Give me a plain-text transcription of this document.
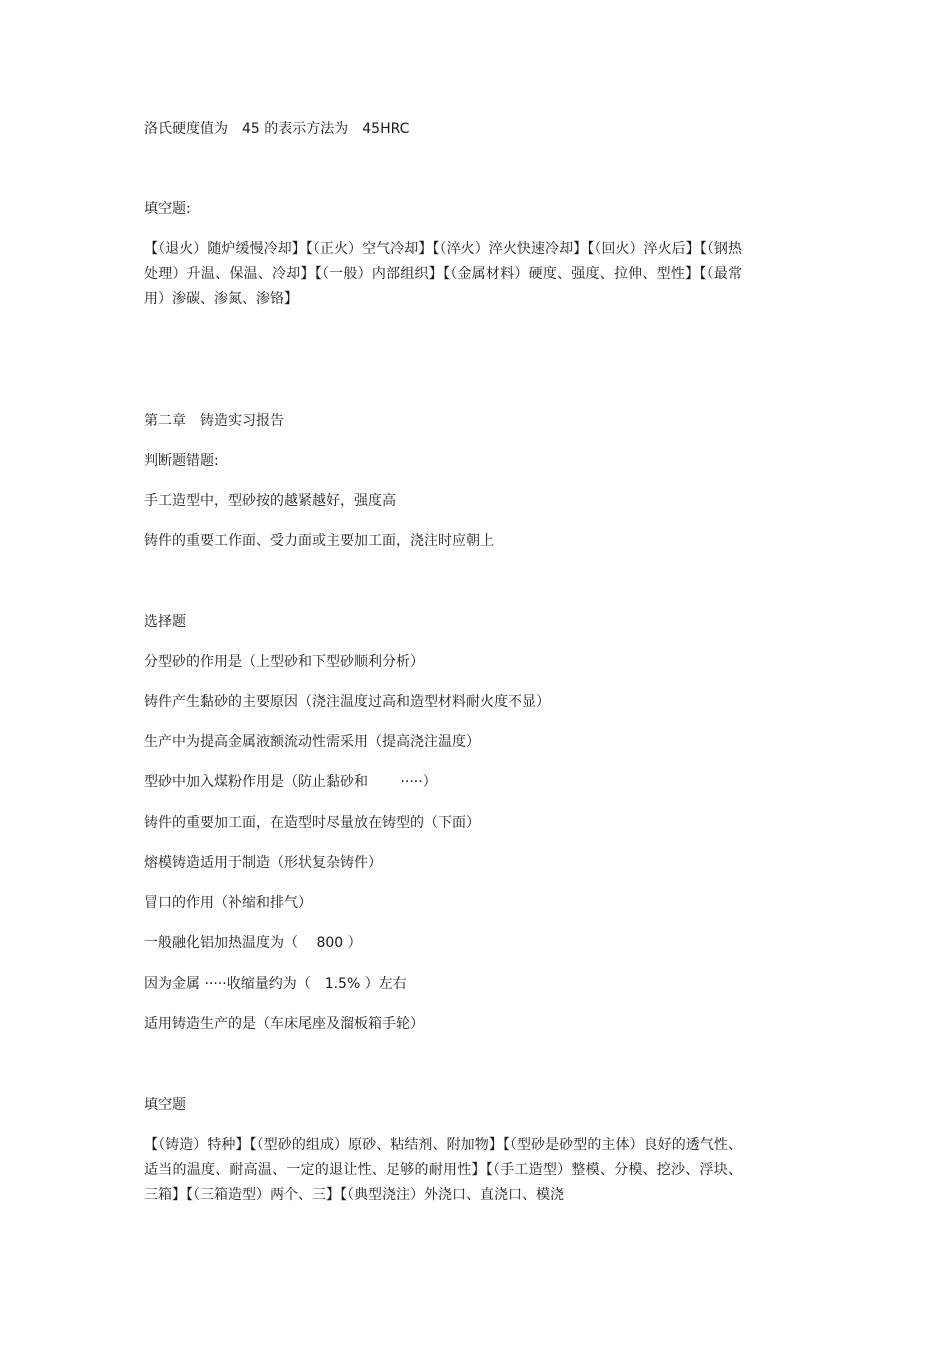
洛氏硬度值为　45 的表示方法为　45HRC

填空题:

【（退火）随炉缓慢冷却】【（正火）空气冷却】【（淬火）淬火快速冷却】【（回火）淬火后】【（钢热处理）升温、保温、冷却】【（一般）内部组织】【（金属材料）硬度、强度、拉伸、型性】【（最常用）渗碳、渗氮、渗铬】

第二章　铸造实习报告

判断题错题:

手工造型中，型砂按的越紧越好，强度高

铸件的重要工作面、受力面或主要加工面，浇注时应朝上

选择题

分型砂的作用是（上型砂和下型砂顺利分析）

铸件产生黏砂的主要原因（浇注温度过高和造型材料耐火度不显）

生产中为提高金属液额流动性需采用（提高浇注温度）

型砂中加入煤粉作用是（防止黏砂和　　 ·····）

铸件的重要加工面，在造型时尽量放在铸型的（下面）

熔模铸造适用于制造（形状复杂铸件）

冒口的作用（补缩和排气）

一般融化铝加热温度为（　 800 ）

因为金属 ·····收缩量约为（　1.5% ）左右

适用铸造生产的是（车床尾座及溜板箱手轮）

填空题

【（铸造）特种】【（型砂的组成）原砂、粘结剂、附加物】【（型砂是砂型的主体）良好的透气性、适当的温度、耐高温、一定的退让性、足够的耐用性】【（手工造型）整模、分模、挖沙、浮块、三箱】【（三箱造型）两个、三】【（典型浇注）外浇口、直浇口、模浇
